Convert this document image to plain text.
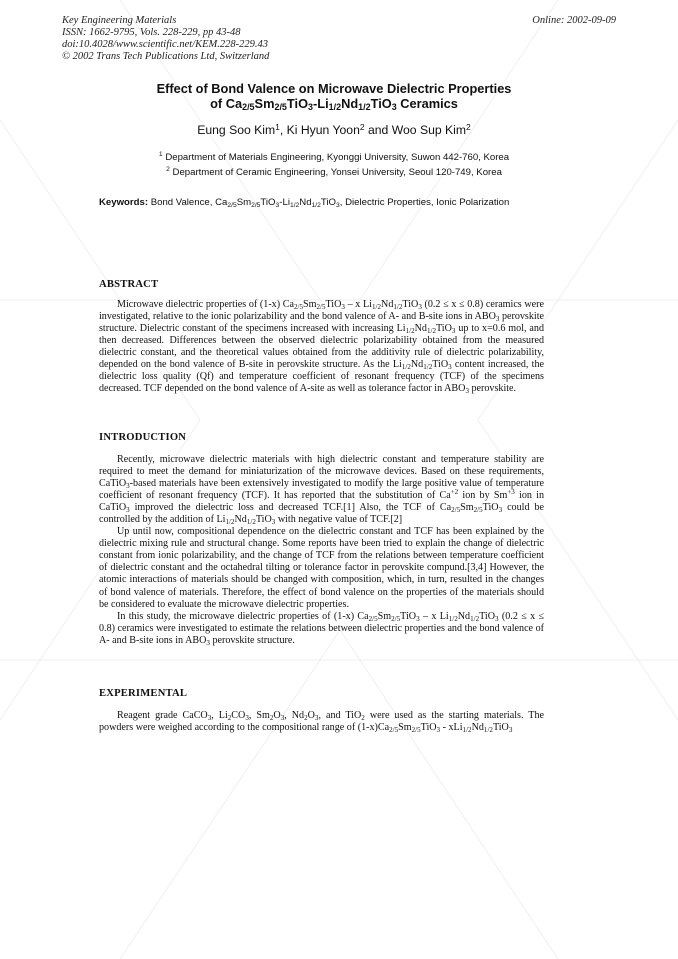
Key Engineering Materials
ISSN: 1662-9795, Vols. 228-229, pp 43-48
doi:10.4028/www.scientific.net/KEM.228-229.43
© 2002 Trans Tech Publications Ltd, Switzerland
Online: 2002-09-09
Effect of Bond Valence on Microwave Dielectric Properties
of $Ca_{2/5}Sm_{2/5}TiO_3-Li_{1/2}Nd_{1/2}TiO_3$ Ceramics
Eung Soo Kim$^1$, Ki Hyun Yoon$^2$ and Woo Sup Kim$^2$
$^1$ Department of Materials Engineering, Kyonggi University, Suwon 442-760, Korea
$^2$ Department of Ceramic Engineering, Yonsei University, Seoul 120-749, Korea
Keywords: Bond Valence, $Ca_{2/5}Sm_{2/5}TiO_3-Li_{1/2}Nd_{1/2}TiO_3$, Dielectric Properties, Ionic Polarization
ABSTRACT

Microwave dielectric properties of (1-x) $Ca_{2/5}Sm_{2/5}TiO_3$ – x $Li_{1/2}Nd_{1/2}TiO_3$ (0.2 ≤ x ≤ 0.8) ceramics were investigated, relative to the ionic polarizability and the bond valence of A- and B-site ions in $ABO_3$ perovskite structure. Dielectric constant of the specimens increased with increasing $Li_{1/2}Nd_{1/2}TiO_3$ up to x=0.6 mol, and then decreased. Differences between the observed dielectric polarizability obtained from the measured dielectric constant, and the theoretical values obtained from the additivity rule of dielectric polarizability, depended on the bond valence of B-site in perovskite structure. As the $Li_{1/2}Nd_{1/2}TiO_3$ content increased, the dielectric loss quality (Qf) and temperature coefficient of resonant frequency (TCF) of the specimens decreased. TCF depended on the bond valence of A-site as well as tolerance factor in $ABO_3$ perovskite.

INTRODUCTION

Recently, microwave dielectric materials with high dielectric constant and temperature stability are required to meet the demand for miniaturization of the microwave devices. Based on these requirements, CaTiO$_3$-based materials have been extensively investigated to modify the large positive value of temperature coefficient of resonant frequency (TCF). It has reported that the substitution of $Ca^{+2}$ ion by $Sm^{+3}$ ion in CaTiO$_3$ improved the dielectric loss and decreased TCF.[1] Also, the TCF of $Ca_{2/5}Sm_{2/5}TiO_3$ could be controlled by the addition of $Li_{1/2}Nd_{1/2}TiO_3$ with negative value of TCF.[2]

Up until now, compositional dependence on the dielectric constant and TCF has been explained by the dielectric mixing rule and structural change. Some reports have been tried to explain the change of dielectric constant from ionic polarizability, and the change of TCF from the relations between temperature coefficient of dielectric constant and the octahedral tilting or tolerance factor in perovskite compund.[3,4] However, the atomic interactions of materials should be changed with composition, which, in turn, resulted in the changes of bond valence of materials. Therefore, the effect of bond valence on the properties of the materials should be considered to evaluate the microwave dielectric properties.

In this study, the microwave dielectric properties of (1-x) $Ca_{2/5}Sm_{2/5}TiO_3$ – x $Li_{1/2}Nd_{1/2}TiO_3$ (0.2 ≤ x ≤ 0.8) ceramics were investigated to estimate the relations between dielectric properties and the bond valence of A- and B-site ions in $ABO_3$ perovskite structure.

EXPERIMENTAL

Reagent grade CaCO$_3$, $Li_2CO_3$, $Sm_2O_3$, $Nd_2O_3$, and TiO$_2$ were used as the starting materials. The powders were weighed according to the compositional range of $(1-x)Ca_{2/5}Sm_{2/5}TiO_3 - xLi_{1/2}Nd_{1/2}TiO_3$
